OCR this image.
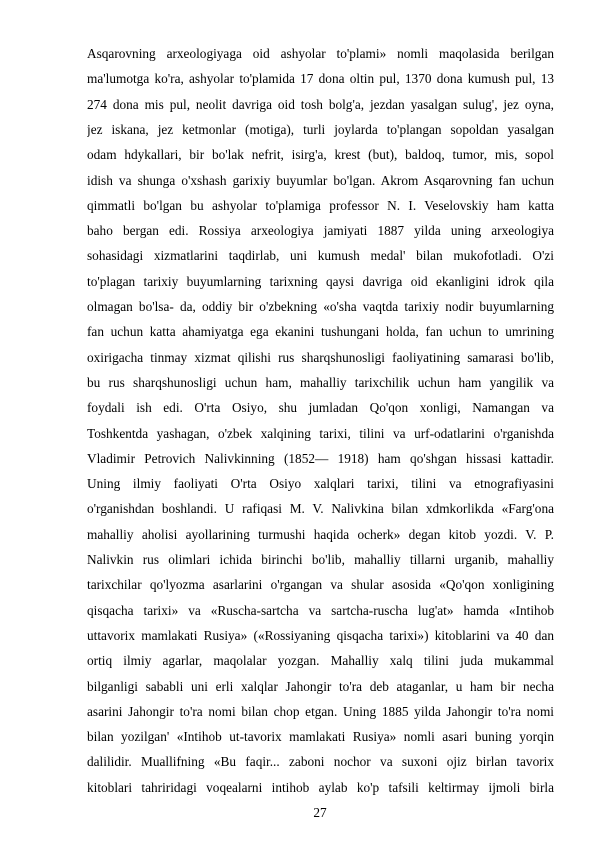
Asqarovning arxeologiyaga oid ashyolar to'plami» nomli maqolasida berilgan
ma'lumotga ko'ra, ashyolar to'plamida 17 dona oltin pul, 1370 dona kumush pul, 13
274 dona mis pul, neolit davriga oid tosh bolg'a, jezdan yasalgan sulug', jez oyna,
jez iskana, jez ketmonlar (motiga), turli joylarda to'plangan sopoldan yasalgan
odam hdykallari, bir bo'lak nefrit, isirg'a, krest (but), baldoq, tumor, mis, sopol
idish va shunga o'xshash garixiy buyumlar bo'lgan. Akrom Asqarovning fan uchun
qimmatli bo'lgan bu ashyolar to'plamiga professor N. I. Veselovskiy ham katta
baho bergan edi. Rossiya arxeologiya jamiyati 1887 yilda uning arxeologiya
sohasidagi xizmatlarini taqdirlab, uni kumush medal' bilan mukofotladi. O'zi
to'plagan tarixiy buyumlarning tarixning qaysi davriga oid ekanligini idrok qila
olmagan bo'lsa- da, oddiy bir o'zbekning «o'sha vaqtda tarixiy nodir buyumlarning
fan uchun katta ahamiyatga ega ekanini tushungani holda, fan uchun to umrining
oxirigacha tinmay xizmat qilishi rus sharqshunosligi faoliyatining samarasi bo'lib,
bu rus sharqshunosligi uchun ham, mahalliy tarixchilik uchun ham yangilik va
foydali ish edi. O'rta Osiyo, shu jumladan Qo'qon xonligi, Namangan va
Toshkentda yashagan, o'zbek xalqining tarixi, tilini va urf-odatlarini o'rganishda
Vladimir Petrovich Nalivkinning (1852— 1918) ham qo'shgan hissasi kattadir.
Uning ilmiy faoliyati O'rta Osiyo xalqlari tarixi, tilini va etnografiyasini
o'rganishdan boshlandi. U rafiqasi M. V. Nalivkina bilan xdmkorlikda «Farg'ona
mahalliy aholisi ayollarining turmushi haqida ocherk» degan kitob yozdi. V. P.
Nalivkin rus olimlari ichida birinchi bo'lib, mahalliy tillarni urganib, mahalliy
tarixchilar qo'lyozma asarlarini o'rgangan va shular asosida «Qo'qon xonligining
qisqacha tarixi» va «Ruscha-sartcha va sartcha-ruscha lug'at» hamda «Intihob
uttavorix mamlakati Rusiya» («Rossiyaning qisqacha tarixi») kitoblarini va 40 dan
ortiq ilmiy agarlar, maqolalar yozgan. Mahalliy xalq tilini juda mukammal
bilganligi sababli uni erli xalqlar Jahongir to'ra deb ataganlar, u ham bir necha
asarini Jahongir to'ra nomi bilan chop etgan. Uning 1885 yilda Jahongir to'ra nomi
bilan yozilgan' «Intihob ut-tavorix mamlakati Rusiya» nomli asari buning yorqin
dalilidir. Muallifning «Bu faqir... zaboni nochor va suxoni ojiz birlan tavorix
kitoblari tahriridagi voqealarni intihob aylab ko'p tafsili keltirmay ijmoli birla
27
